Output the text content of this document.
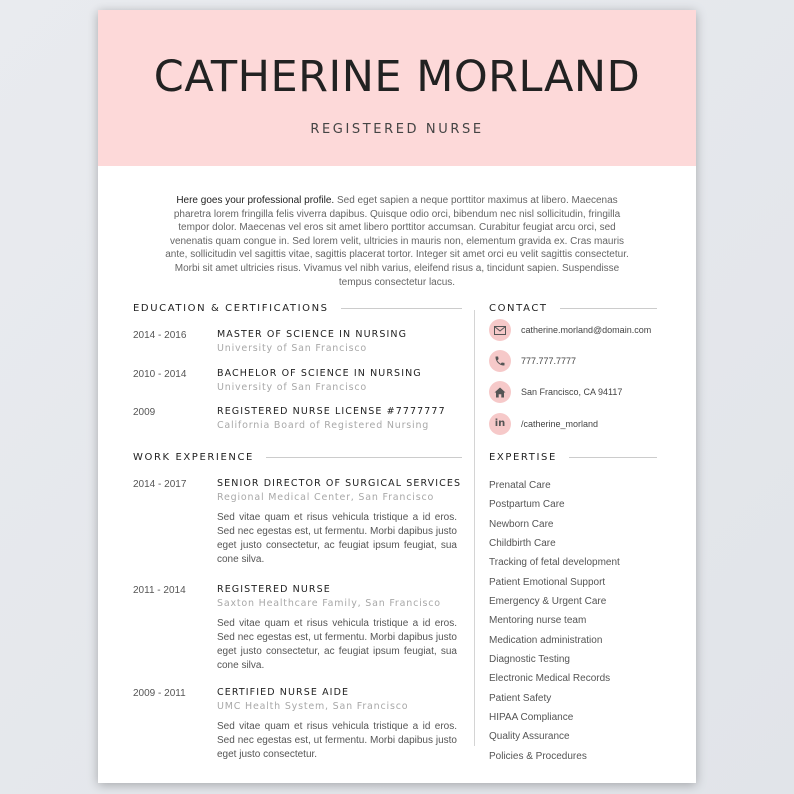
CATHERINE MORLAND
REGISTERED NURSE
Here goes your professional profile. Sed eget sapien a neque porttitor maximus at libero. Maecenas pharetra lorem fringilla felis viverra dapibus. Quisque odio orci, bibendum nec nisl sollicitudin, fringilla tempor dolor. Maecenas vel eros sit amet libero porttitor accumsan. Curabitur feugiat arcu orci, sed venenatis quam congue in. Sed lorem velit, ultricies in mauris non, elementum gravida ex. Cras mauris ante, sollicitudin vel sagittis vitae, sagittis placerat tortor. Integer sit amet orci eu velit sagittis consectetur. Morbi sit amet ultricies risus. Vivamus vel nibh varius, eleifend risus a, tincidunt sapien. Suspendisse tempus consectetur lacus.
EDUCATION & CERTIFICATIONS
2014 - 2016	MASTER OF SCIENCE IN NURSING
University of San Francisco
2010 - 2014	BACHELOR OF SCIENCE IN NURSING
University of San Francisco
2009	REGISTERED NURSE LICENSE #7777777
California Board of Registered Nursing
WORK EXPERIENCE
2014 - 2017	SENIOR DIRECTOR OF SURGICAL SERVICES
Regional Medical Center, San Francisco
Sed vitae quam et risus vehicula tristique a id eros. Sed nec egestas est, ut fermentu. Morbi dapibus justo eget justo consectetur, ac feugiat ipsum feugiat, sua cone silva.
2011 - 2014	REGISTERED NURSE
Saxton Healthcare Family, San Francisco
Sed vitae quam et risus vehicula tristique a id eros. Sed nec egestas est, ut fermentu. Morbi dapibus justo eget justo consectetur, ac feugiat ipsum feugiat, sua cone silva.
2009 - 2011	CERTIFIED NURSE AIDE
UMC Health System, San Francisco
Sed vitae quam et risus vehicula tristique a id eros. Sed nec egestas est, ut fermentu. Morbi dapibus justo eget justo consectetur.
CONTACT
catherine.morland@domain.com
777.777.7777
San Francisco, CA 94117
in /catherine_morland
EXPERTISE
Prenatal Care
Postpartum Care
Newborn Care
Childbirth Care
Tracking of fetal development
Patient Emotional Support
Emergency & Urgent Care
Mentoring nurse team
Medication administration
Diagnostic Testing
Electronic Medical Records
Patient Safety
HIPAA Compliance
Quality Assurance
Policies & Procedures
